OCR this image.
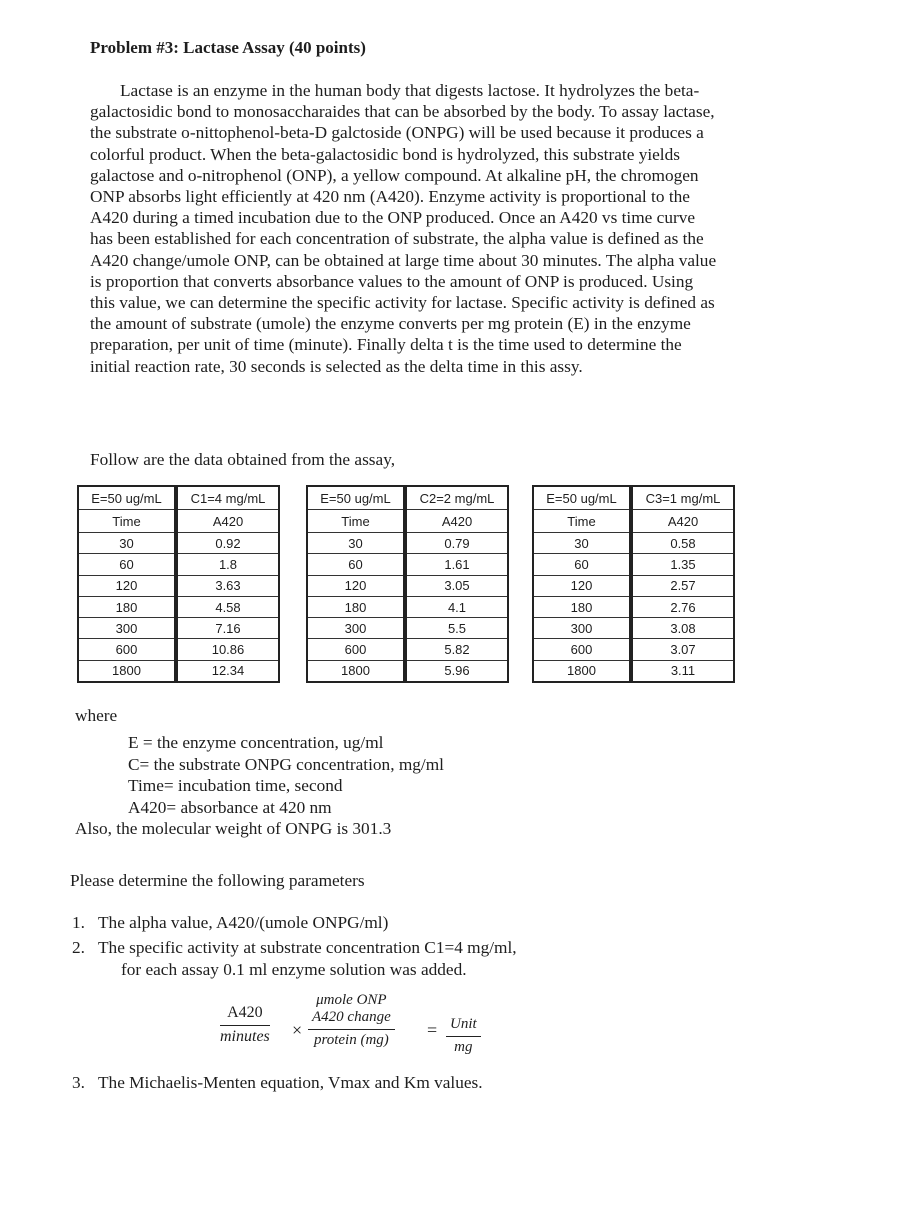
Problem #3: Lactase Assay (40 points)

Lactase is an enzyme in the human body that digests lactose. It hydrolyzes the beta-galactosidic bond to monosaccharaides that can be absorbed by the body. To assay lactase, the substrate o-nittophenol-beta-D galctoside (ONPG) will be used because it produces a colorful product. When the beta-galactosidic bond is hydrolyzed, this substrate yields galactose and o-nitrophenol (ONP), a yellow compound. At alkaline pH, the chromogen ONP absorbs light efficiently at 420 nm (A420). Enzyme activity is proportional to the A420 during a timed incubation due to the ONP produced. Once an A420 vs time curve has been established for each concentration of substrate, the alpha value is defined as the A420 change/umole ONP, can be obtained at large time about 30 minutes. The alpha value is proportion that converts absorbance values to the amount of ONP is produced. Using this value, we can determine the specific activity for lactase. Specific activity is defined as the amount of substrate (umole) the enzyme converts per mg protein (E) in the enzyme preparation, per unit of time (minute). Finally delta t is the time used to determine the initial reaction rate, 30 seconds is selected as the delta time in this assy.

Follow are the data obtained from the assay,
E=50 ug/mL	C1=4 mg/mL
Time	A420
30	0.92
60	1.8
120	3.63
180	4.58
300	7.16
600	10.86
1800	12.34
E=50 ug/mL	C2=2 mg/mL
Time	A420
30	0.79
60	1.61
120	3.05
180	4.1
300	5.5
600	5.82
1800	5.96
E=50 ug/mL	C3=1 mg/mL
Time	A420
30	0.58
60	1.35
120	2.57
180	2.76
300	3.08
600	3.07
1800	3.11
where
E = the enzyme concentration, ug/ml
C= the substrate ONPG concentration, mg/ml
Time= incubation time, second
A420= absorbance at 420 nm
Also, the molecular weight of ONPG is 301.3
Please determine the following parameters
1. The alpha value, A420/(umole ONPG/ml)
2. The specific activity at substrate concentration C1=4 mg/ml,
for each assay 0.1 ml enzyme solution was added.
A420
minutes ×
μmole ONP
A420 change
protein (mg)	= Unit
mg
3. The Michaelis-Menten equation, Vmax and Km values.
